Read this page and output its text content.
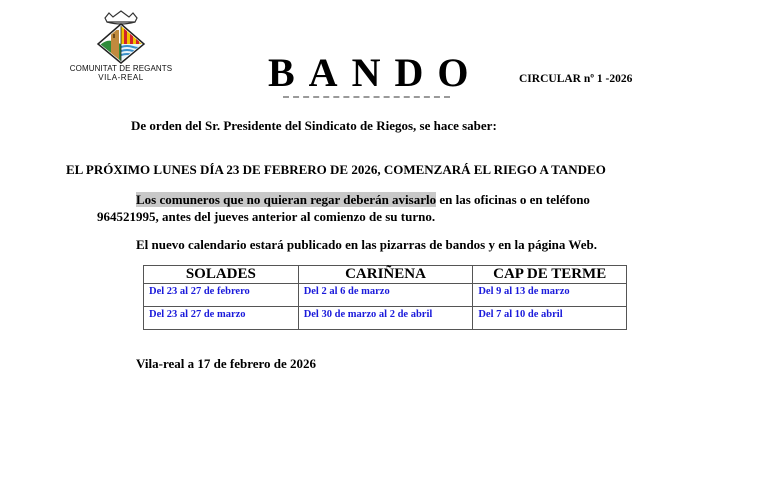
COMUNITAT DE REGANTS
VILA-REAL	BANDO	CIRCULAR nº 1 -2026
De orden del Sr. Presidente del Sindicato de Riegos, se hace saber:
EL PRÓXIMO LUNES DÍA 23 DE FEBRERO DE 2026, COMENZARÁ EL RIEGO A TANDEO
Los comuneros que no quieran regar deberán avisarlo en las oficinas o en teléfono
964521995, antes del jueves anterior al comienzo de su turno.
El nuevo calendario estará publicado en las pizarras de bandos y en la página Web.
SOLADES	CARIÑENA	CAP DE TERME
Del 23 al 27 de febrero	Del 2 al 6 de marzo	Del 9 al 13 de marzo
Del 23 al 27 de marzo	Del 30 de marzo al 2 de abril	Del 7 al 10 de abril
Vila-real a 17 de febrero de 2026
